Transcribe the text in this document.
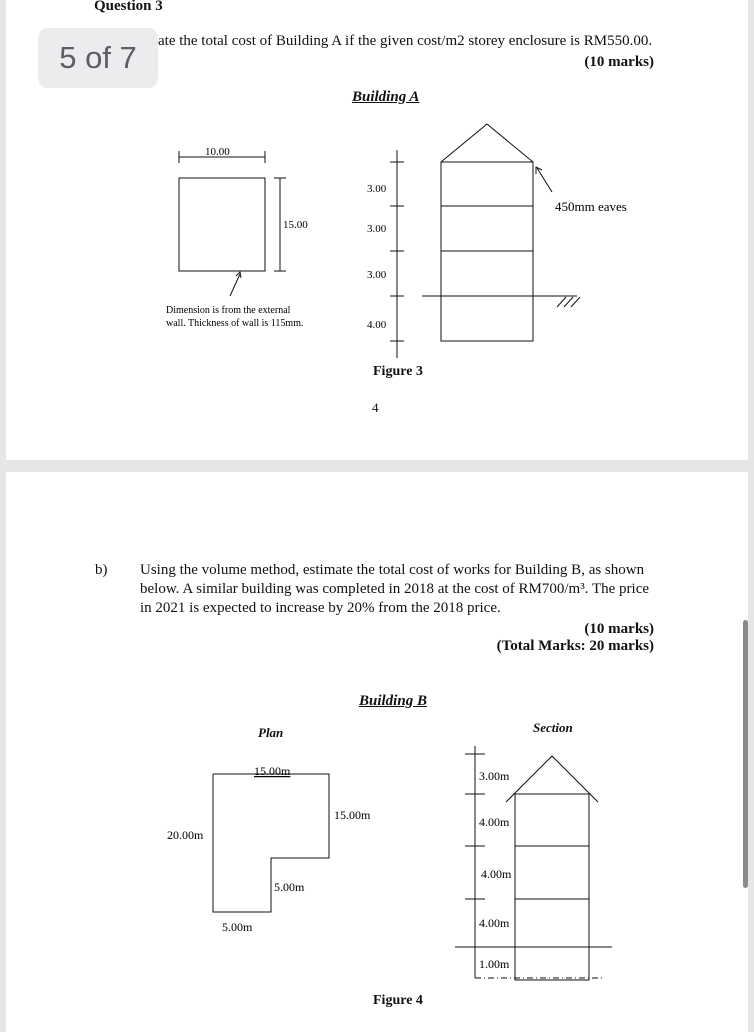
Question 3
ate the total cost of Building A if the given cost/m2 storey enclosure is RM550.00.
(10 marks)
Building A
10.00
15.00
Dimension is from the external
wall. Thickness of wall is 115mm.
3.00
3.00
3.00
4.00
450mm eaves
Figure 3
4
b) Using the volume method, estimate the total cost of works for Building B, as shown
below. A similar building was completed in 2018 at the cost of RM700/m³. The price
in 2021 is expected to increase by 20% from the 2018 price.
(10 marks)
(Total Marks: 20 marks)
Building B
Plan	Section
15.00m
15.00m
20.00m
5.00m
5.00m
3.00m
4.00m
4.00m
4.00m
1.00m
Figure 4
5 of 7
